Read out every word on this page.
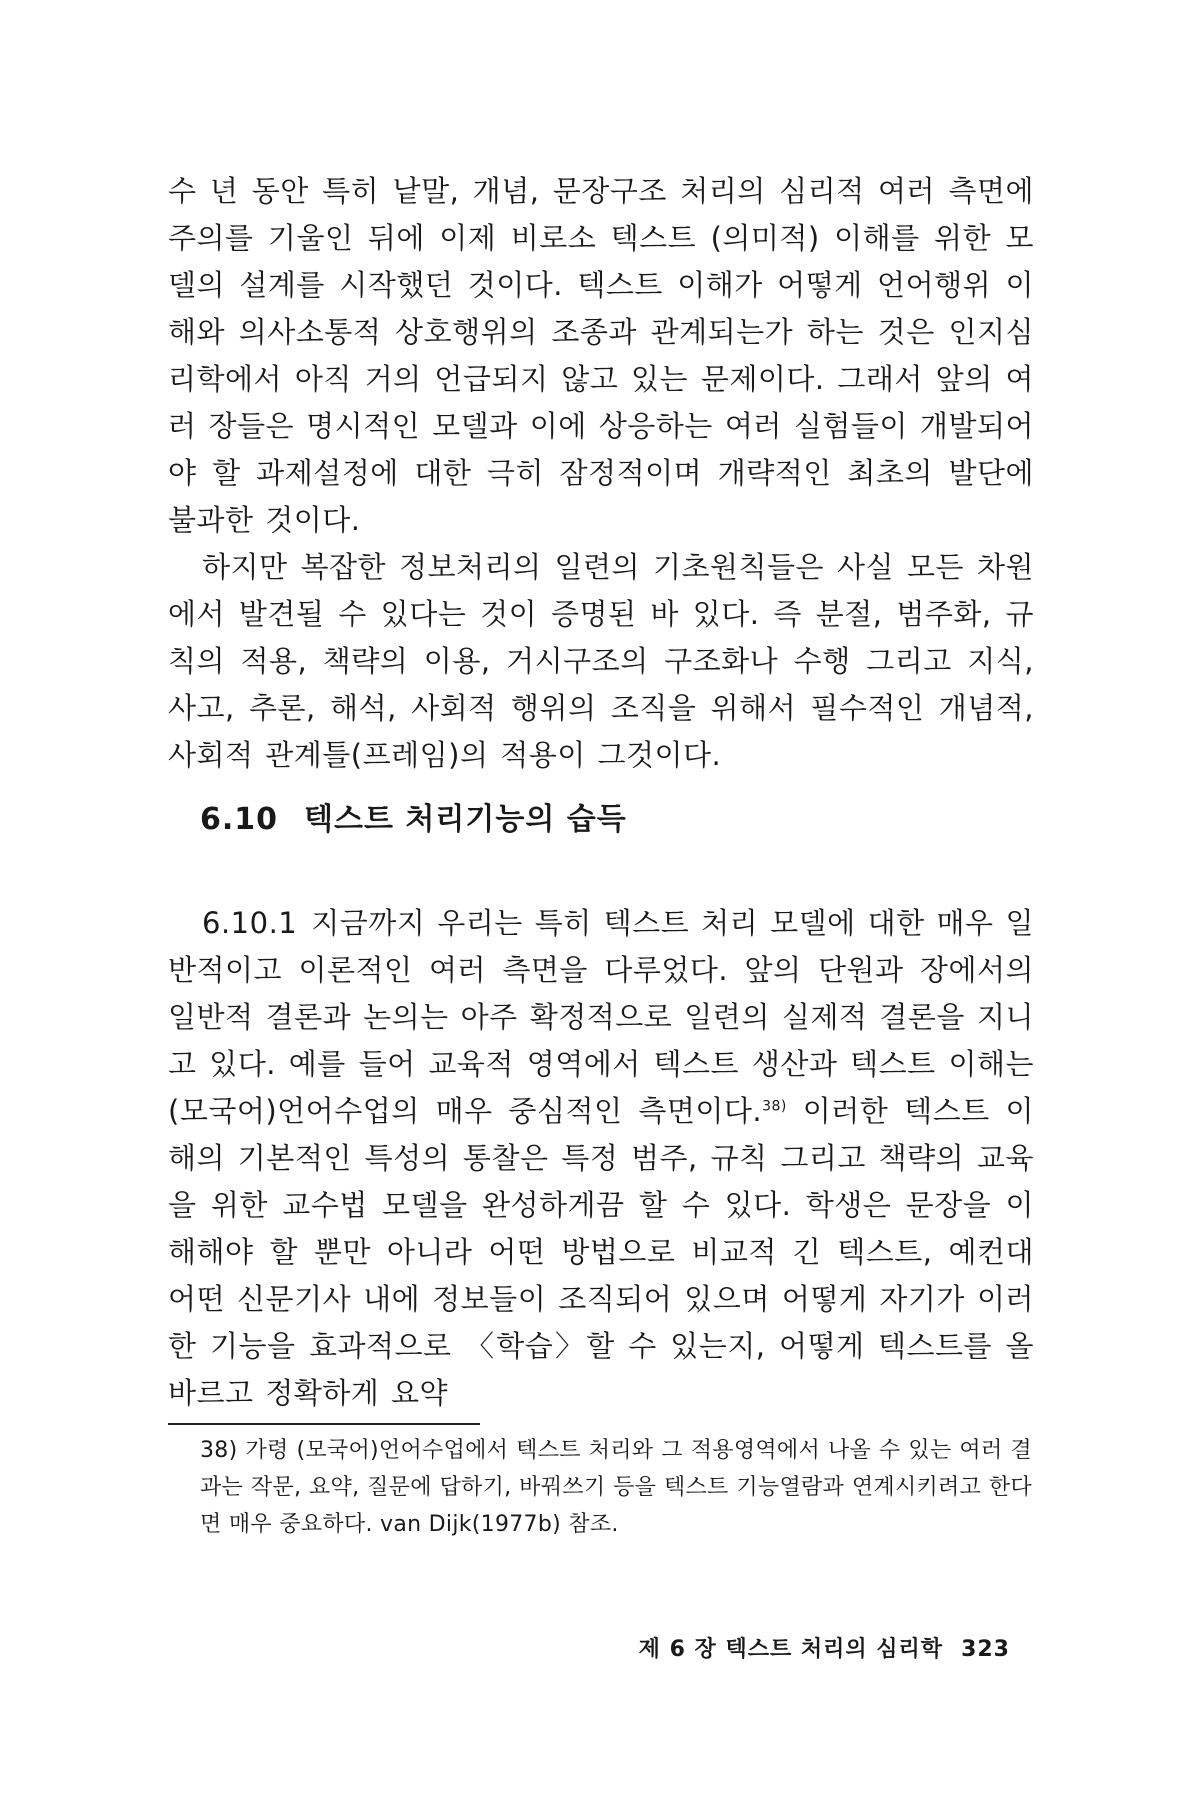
수 년 동안 특히 낱말, 개념, 문장구조 처리의 심리적 여러 측면에 주의를 기울인 뒤에 이제 비로소 텍스트 (의미적) 이해를 위한 모델의 설계를 시작했던 것이다. 텍스트 이해가 어떻게 언어행위 이해와 의사소통적 상호행위의 조종과 관계되는가 하는 것은 인지심리학에서 아직 거의 언급되지 않고 있는 문제이다. 그래서 앞의 여러 장들은 명시적인 모델과 이에 상응하는 여러 실험들이 개발되어야 할 과제설정에 대한 극히 잠정적이며 개략적인 최초의 발단에 불과한 것이다.

하지만 복잡한 정보처리의 일련의 기초원칙들은 사실 모든 차원에서 발견될 수 있다는 것이 증명된 바 있다. 즉 분절, 범주화, 규칙의 적용, 책략의 이용, 거시구조의 구조화나 수행 그리고 지식, 사고, 추론, 해석, 사회적 행위의 조직을 위해서 필수적인 개념적, 사회적 관계틀(프레임)의 적용이 그것이다.

6.10 텍스트 처리기능의 습득

6.10.1 지금까지 우리는 특히 텍스트 처리 모델에 대한 매우 일반적이고 이론적인 여러 측면을 다루었다. 앞의 단원과 장에서의 일반적 결론과 논의는 아주 확정적으로 일련의 실제적 결론을 지니고 있다. 예를 들어 교육적 영역에서 텍스트 생산과 텍스트 이해는 (모국어)언어수업의 매우 중심적인 측면이다.$^{38)}$ 이러한 텍스트 이해의 기본적인 특성의 통찰은 특정 범주, 규칙 그리고 책략의 교육을 위한 교수법 모델을 완성하게끔 할 수 있다. 학생은 문장을 이해해야 할 뿐만 아니라 어떤 방법으로 비교적 긴 텍스트, 예컨대 어떤 신문기사 내에 정보들이 조직되어 있으며 어떻게 자기가 이러한 기능을 효과적으로 〈학습〉할 수 있는지, 어떻게 텍스트를 올바르고 정확하게 요약

38) 가령 (모국어)언어수업에서 텍스트 처리와 그 적용영역에서 나올 수 있는 여러 결과는 작문, 요약, 질문에 답하기, 바꿔쓰기 등을 텍스트 기능열람과 연계시키려고 한다면 매우 중요하다. van Dijk(1977b) 참조.

제 6 장 텍스트 처리의 심리학 323
